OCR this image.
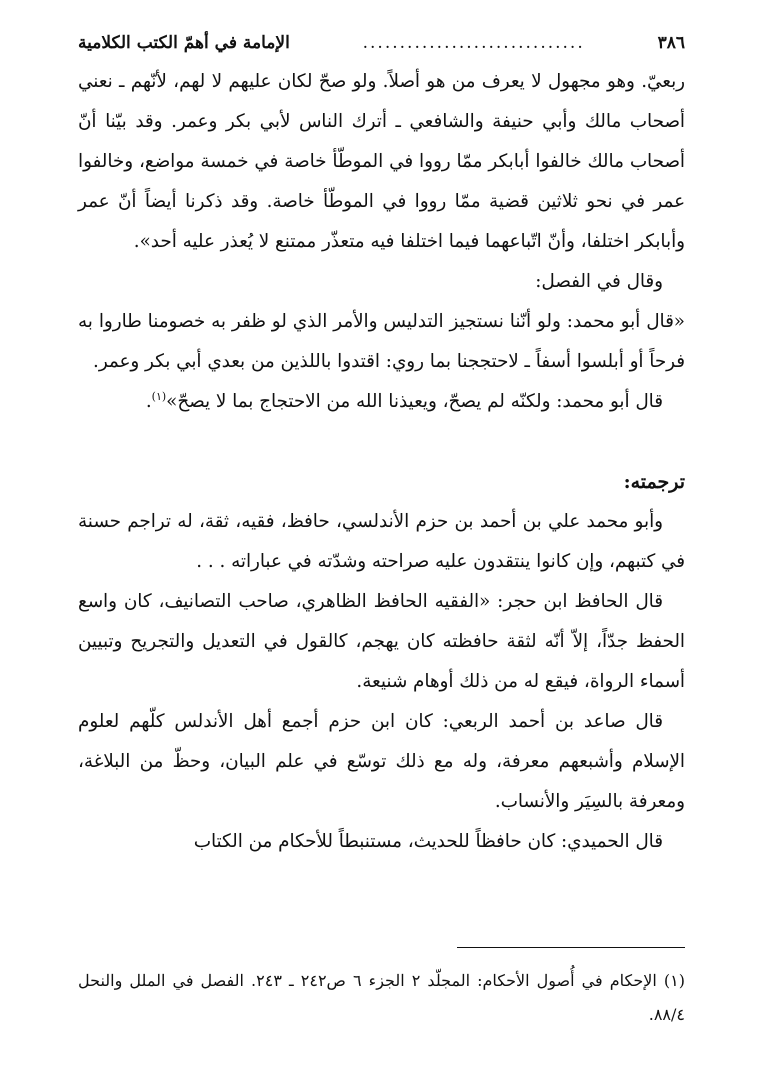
٣٨٦
..............................
الإمامة في أهمّ الكتب الكلامية

ربعيّ. وهو مجهول لا يعرف من هو أصلاً. ولو صحّ لكان عليهم لا لهم، لأنّهم ـ نعني أصحاب مالك وأبي حنيفة والشافعي ـ أترك الناس لأبي بكر وعمر. وقد بيّنا أنّ أصحاب مالك خالفوا أبابكر ممّا رووا في الموطّأ خاصة في خمسة مواضع، وخالفوا عمر في نحو ثلاثين قضية ممّا رووا في الموطّأ خاصة. وقد ذكرنا أيضاً أنّ عمر وأبابكر اختلفا، وأنّ اتّباعهما فيما اختلفا فيه متعذّر ممتنع لا يُعذر عليه أحد».

وقال في الفصل:

«قال أبو محمد: ولو أنّنا نستجيز التدليس والأمر الذي لو ظفر به خصومنا طاروا به فرحاً أو أبلسوا أسفاً ـ لاحتججنا بما روي: اقتدوا باللذين من بعدي أبي بكر وعمر.

قال أبو محمد: ولكنّه لم يصحّ، ويعيذنا الله من الاحتجاج بما لا يصحّ»$^{(١)}$.

ترجمته:

وأبو محمد علي بن أحمد بن حزم الأندلسي، حافظ، فقيه، ثقة، له تراجم حسنة في كتبهم، وإن كانوا ينتقدون عليه صراحته وشدّته في عباراته . . .

قال الحافظ ابن حجر: «الفقيه الحافظ الظاهري، صاحب التصانيف، كان واسع الحفظ جدّاً، إلاّ أنّه لثقة حافظته كان يهجم، كالقول في التعديل والتجريح وتبيين أسماء الرواة، فيقع له من ذلك أوهام شنيعة.

قال صاعد بن أحمد الربعي: كان ابن حزم أجمع أهل الأندلس كلّهم لعلوم الإسلام وأشبعهم معرفة، وله مع ذلك توسّع في علم البيان، وحظّ من البلاغة، ومعرفة بالسِيَر والأنساب.

قال الحميدي: كان حافظاً للحديث، مستنبطاً للأحكام من الكتاب

(١) الإحكام في أُصول الأحكام: المجلّد ٢ الجزء ٦ ص٢٤٢ ـ ٢٤٣. الفصل في الملل والنحل ٨٨/٤.
